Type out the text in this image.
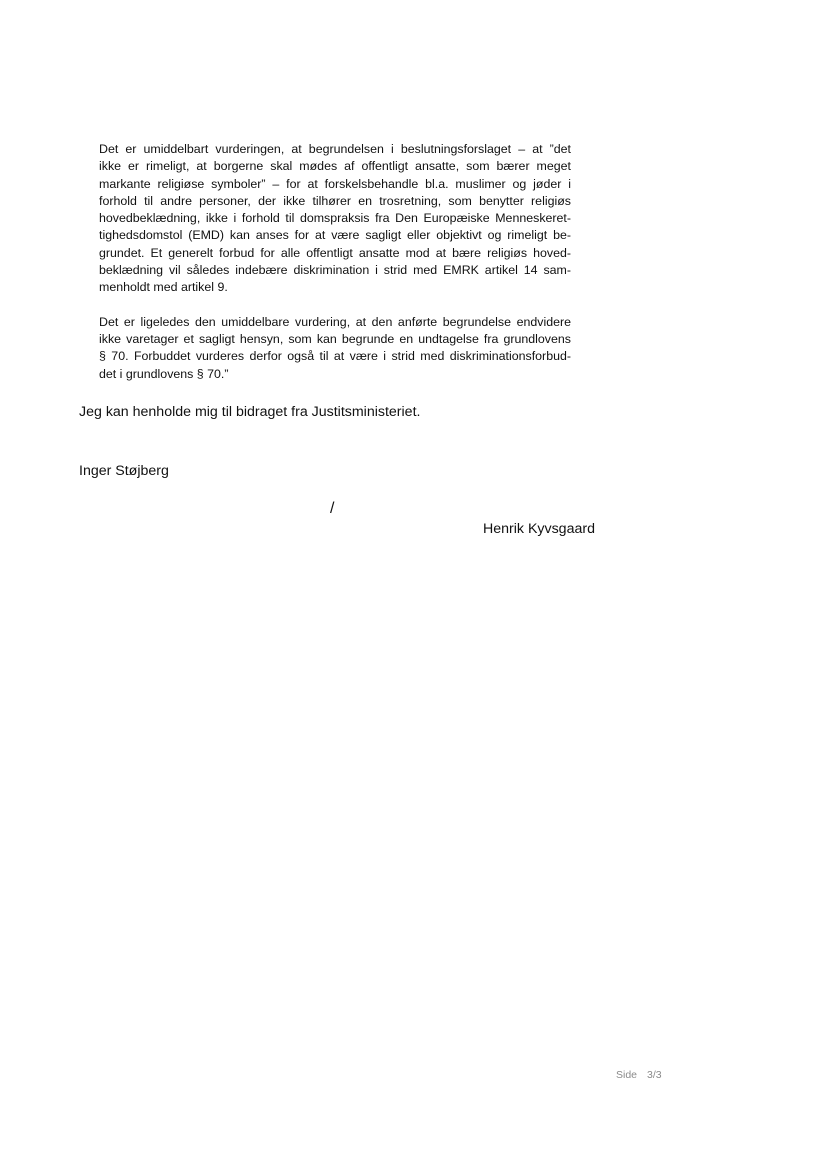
Det er umiddelbart vurderingen, at begrundelsen i beslutningsforslaget – at ”det
ikke er rimeligt, at borgerne skal mødes af offentligt ansatte, som bærer meget
markante religiøse symboler” – for at forskelsbehandle bl.a. muslimer og jøder i
forhold til andre personer, der ikke tilhører en trosretning, som benytter religiøs
hovedbeklædning, ikke i forhold til domspraksis fra Den Europæiske Menneskeret-
tighedsdomstol (EMD) kan anses for at være sagligt eller objektivt og rimeligt be-
grundet. Et generelt forbud for alle offentligt ansatte mod at bære religiøs hoved-
beklædning vil således indebære diskrimination i strid med EMRK artikel 14 sam-
menholdt med artikel 9.
Det er ligeledes den umiddelbare vurdering, at den anførte begrundelse endvidere
ikke varetager et sagligt hensyn, som kan begrunde en undtagelse fra grundlovens
§ 70. Forbuddet vurderes derfor også til at være i strid med diskriminationsforbud-
det i grundlovens § 70.”
Jeg kan henholde mig til bidraget fra Justitsministeriet.
Inger Støjberg
/
Henrik Kyvsgaard
Side 3/3
